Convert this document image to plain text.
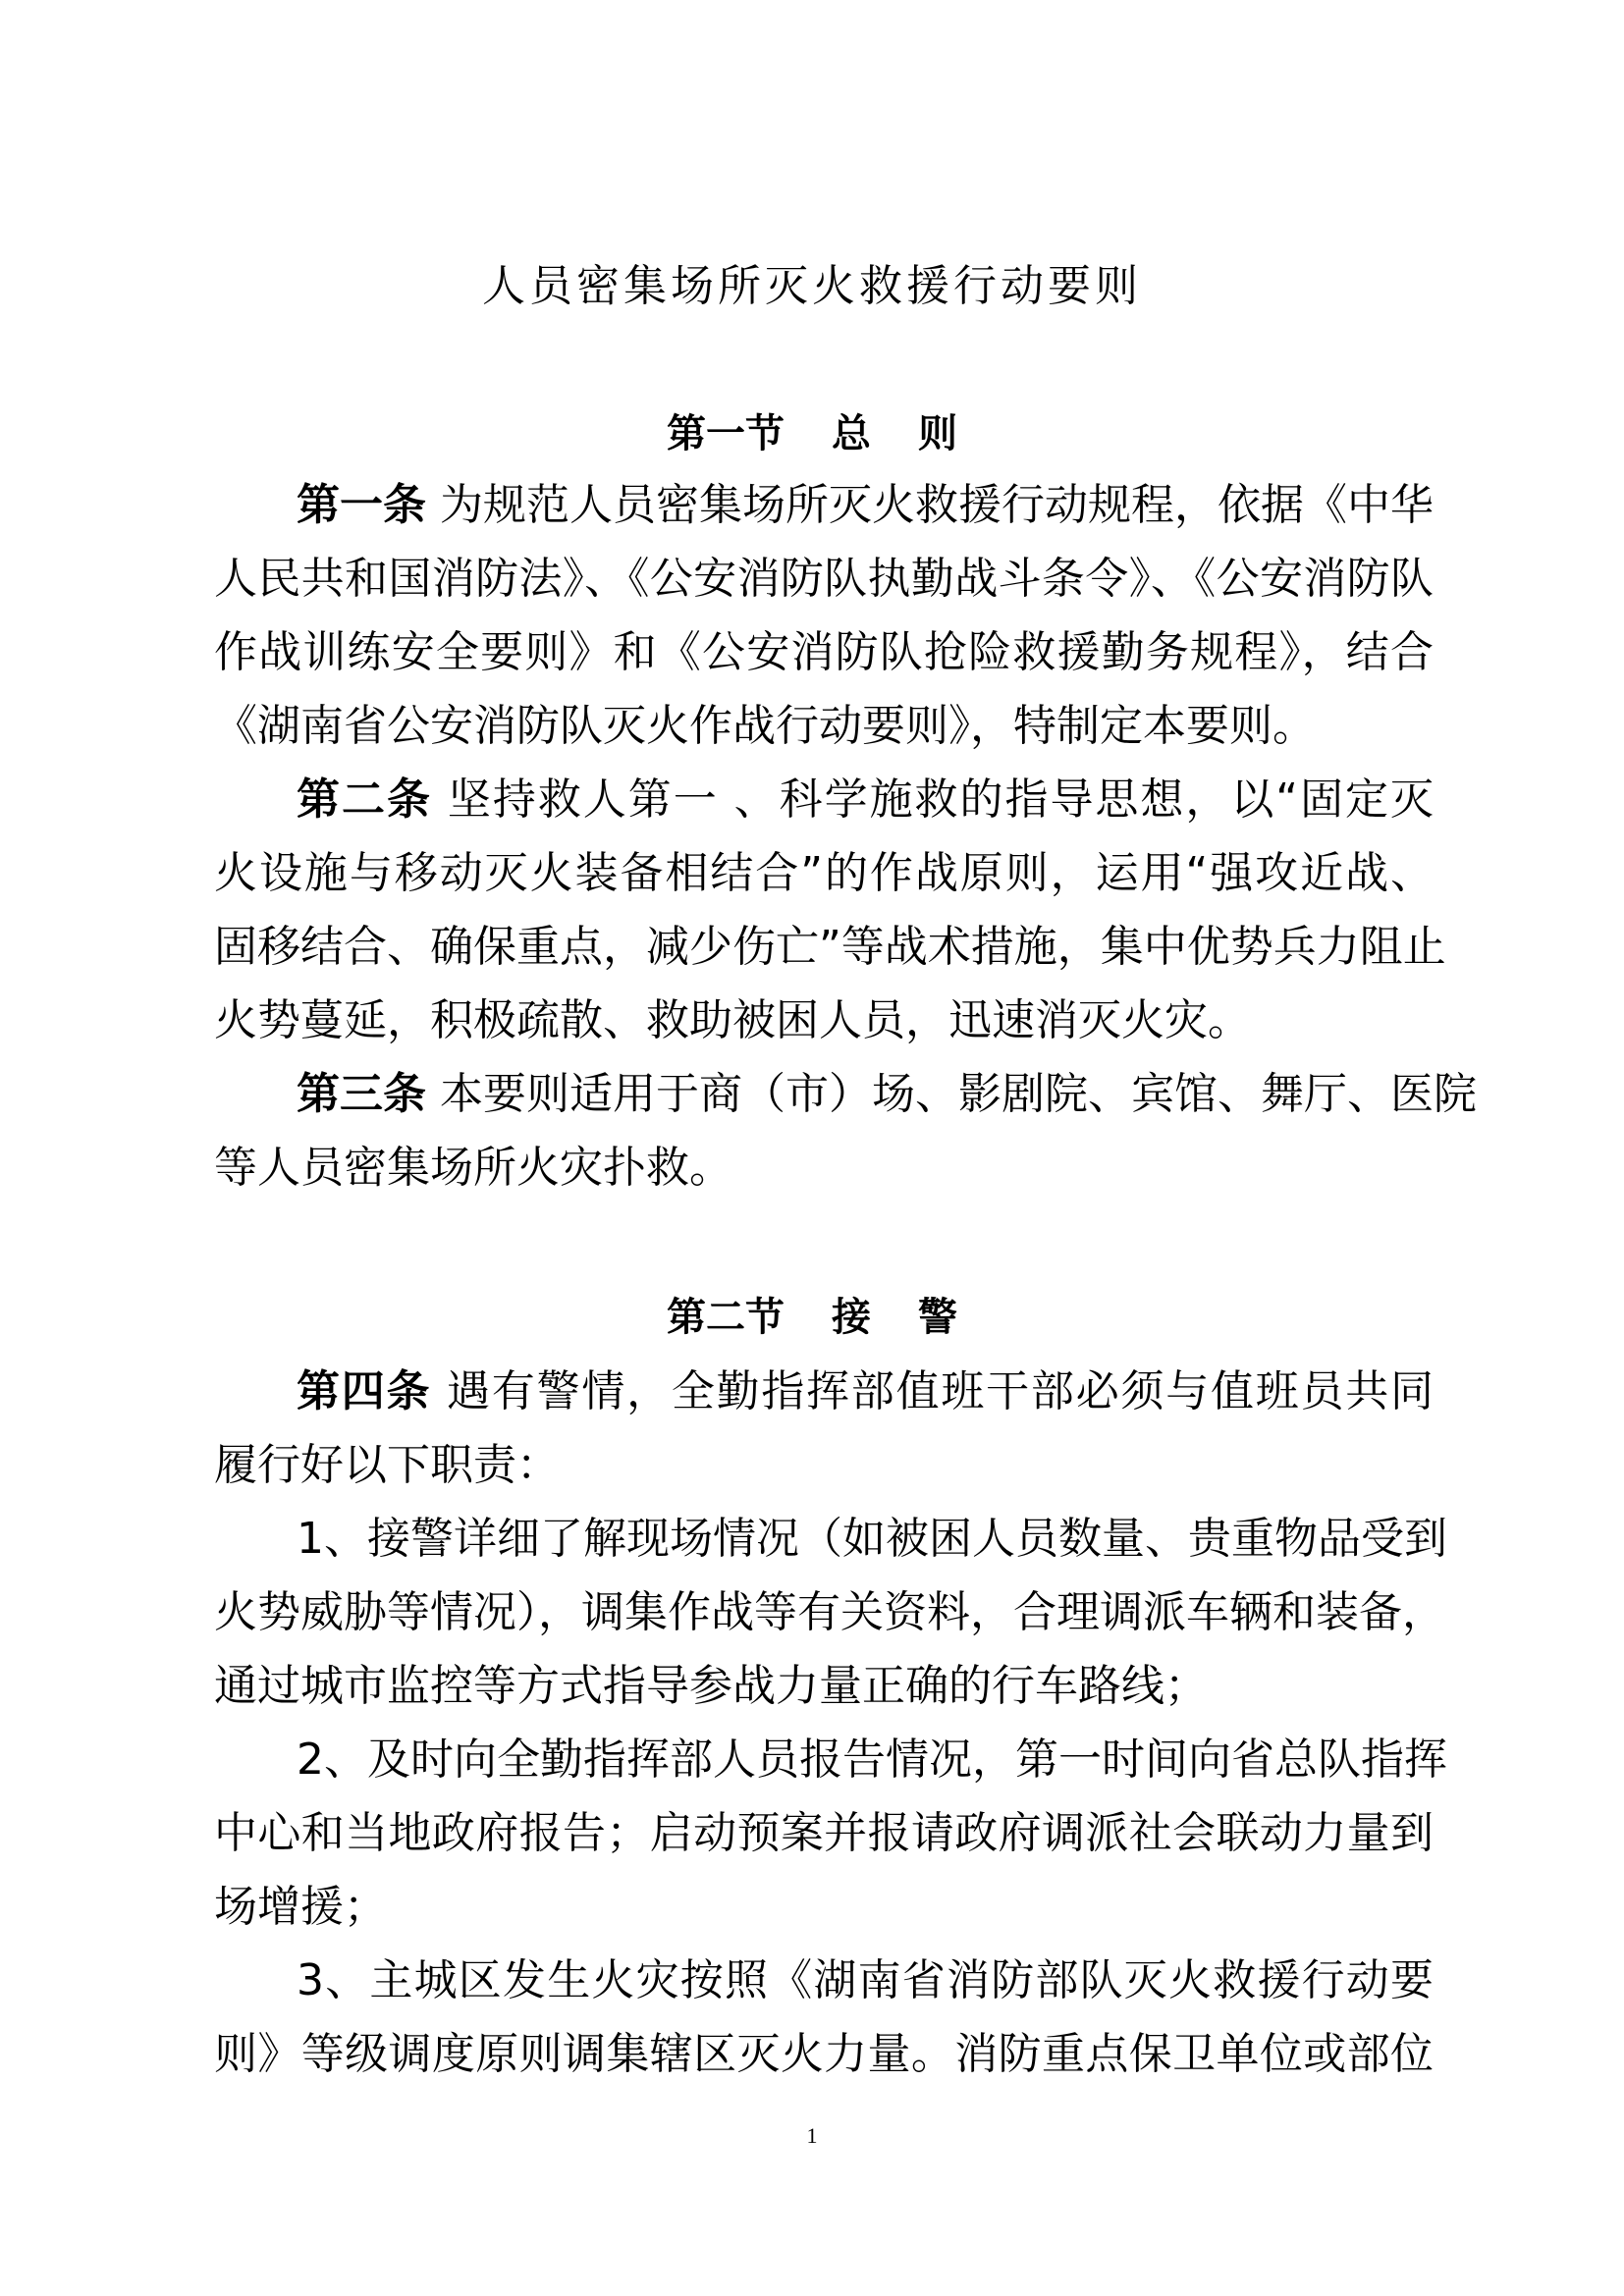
人员密集场所灭火救援行动要则
第一节 总 则
第一条 为规范人员密集场所灭火救援行动规程，依据《中华
人民共和国消防法》、《公安消防队执勤战斗条令》、《公安消防队
作战训练安全要则》和《公安消防队抢险救援勤务规程》，结合
《湖南省公安消防队灭火作战行动要则》，特制定本要则。
第二条 坚持救人第一 、科学施救的指导思想，以“固定灭
火设施与移动灭火装备相结合”的作战原则，运用“强攻近战、
固移结合、确保重点，减少伤亡”等战术措施，集中优势兵力阻止
火势蔓延，积极疏散、救助被困人员，迅速消灭火灾。
第三条 本要则适用于商（市）场、影剧院、宾馆、舞厅、医院
等人员密集场所火灾扑救。
第二节 接 警
第四条 遇有警情，全勤指挥部值班干部必须与值班员共同
履行好以下职责：
1、接警详细了解现场情况（如被困人员数量、贵重物品受到
火势威胁等情况），调集作战等有关资料，合理调派车辆和装备，
通过城市监控等方式指导参战力量正确的行车路线；
2、及时向全勤指挥部人员报告情况，第一时间向省总队指挥
中心和当地政府报告；启动预案并报请政府调派社会联动力量到
场增援；
3、主城区发生火灾按照《湖南省消防部队灭火救援行动要
则》等级调度原则调集辖区灭火力量。消防重点保卫单位或部位
1
